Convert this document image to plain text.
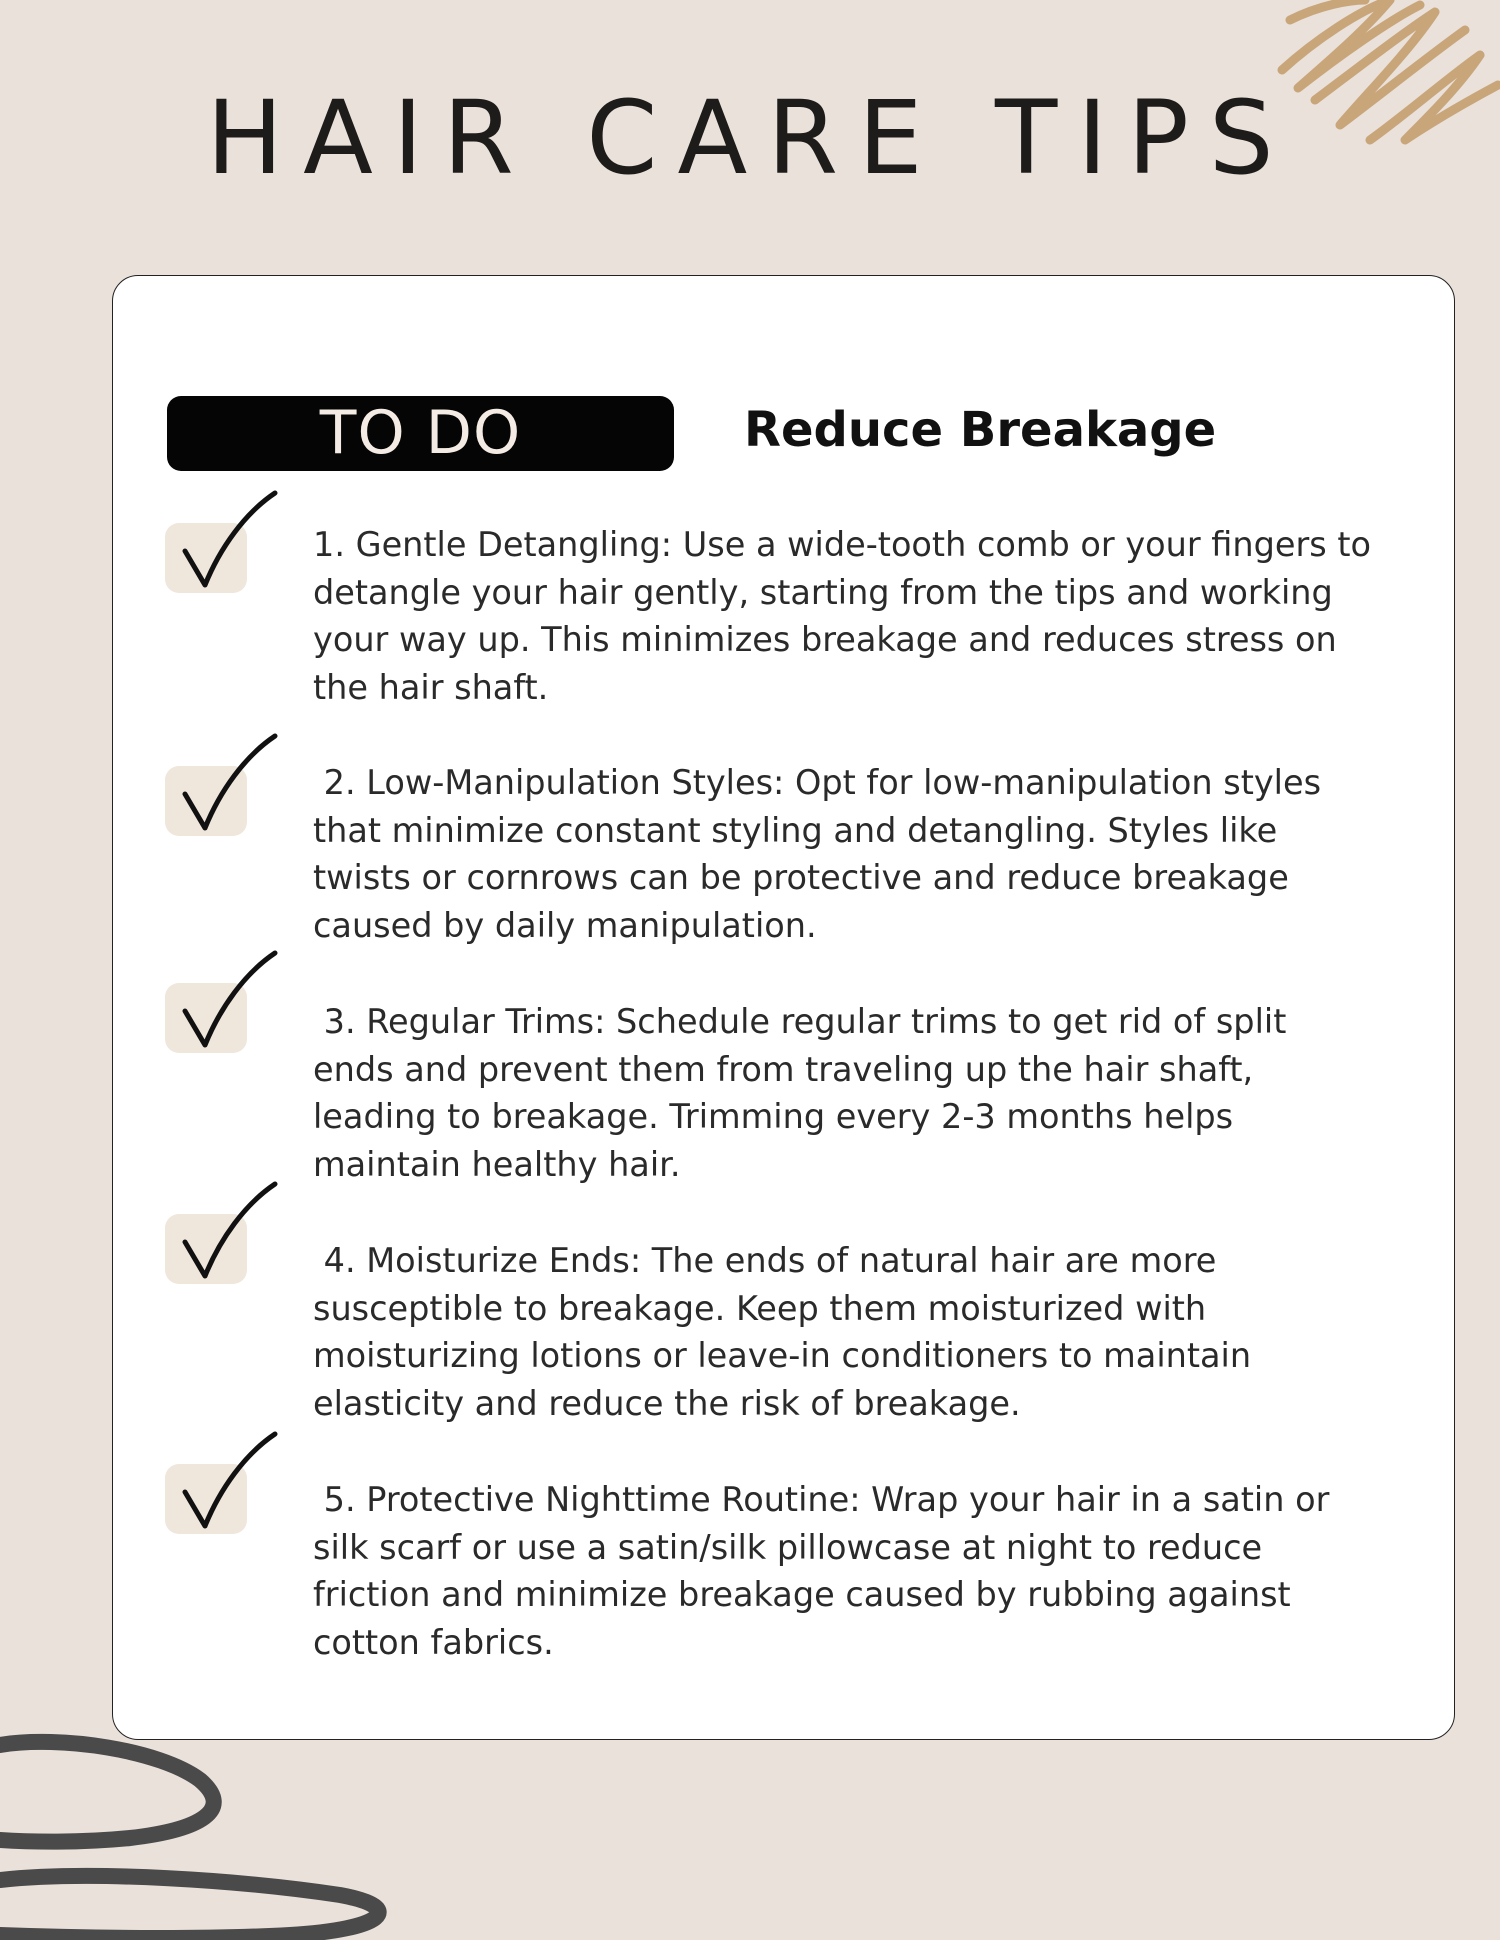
HAIR CARE TIPS
TO DO	Reduce Breakage

1. Gentle Detangling: Use a wide-tooth comb or your fingers to
detangle your hair gently, starting from the tips and working
your way up. This minimizes breakage and reduces stress on
the hair shaft.

2. Low-Manipulation Styles: Opt for low-manipulation styles
that minimize constant styling and detangling. Styles like
twists or cornrows can be protective and reduce breakage
caused by daily manipulation.

3. Regular Trims: Schedule regular trims to get rid of split
ends and prevent them from traveling up the hair shaft,
leading to breakage. Trimming every 2-3 months helps
maintain healthy hair.

4. Moisturize Ends: The ends of natural hair are more
susceptible to breakage. Keep them moisturized with
moisturizing lotions or leave-in conditioners to maintain
elasticity and reduce the risk of breakage.

5. Protective Nighttime Routine: Wrap your hair in a satin or
silk scarf or use a satin/silk pillowcase at night to reduce
friction and minimize breakage caused by rubbing against
cotton fabrics.
